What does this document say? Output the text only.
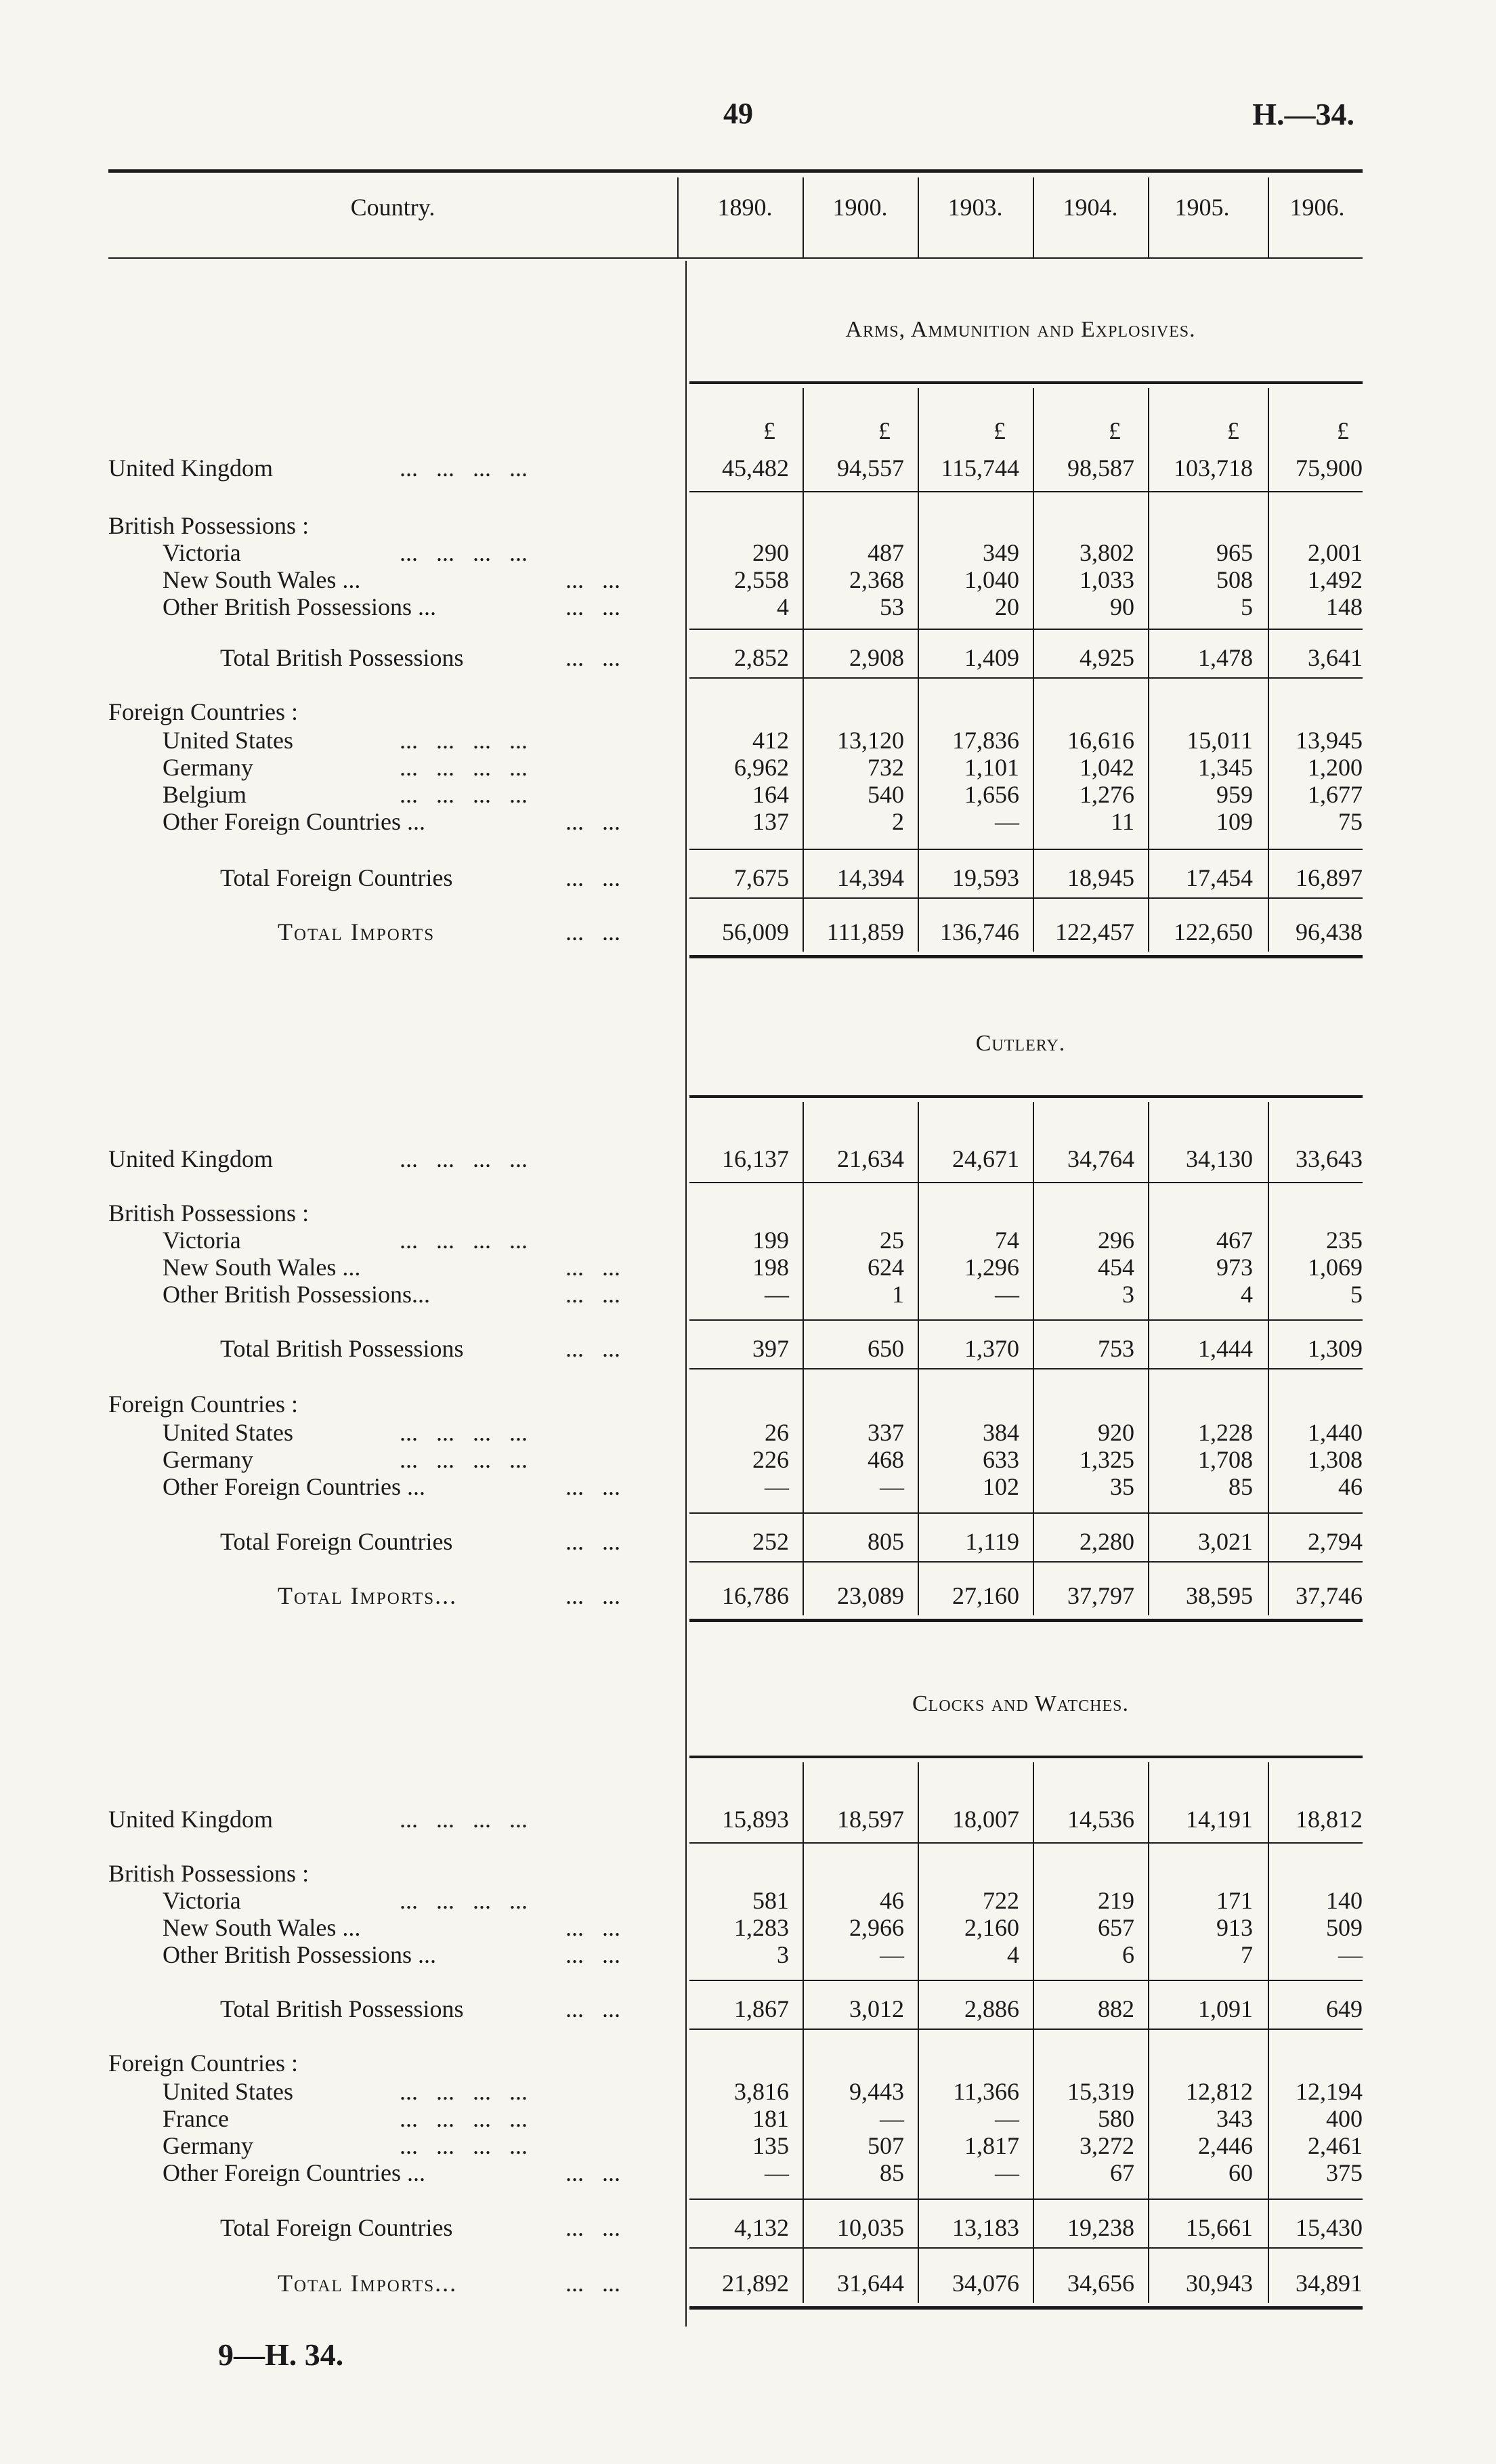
49	H.—34.
Country.	1890.	1900.	1903.	1904.	1905.	1906.
Arms, Ammunition and Explosives.
£	£	£	£	£	£
United Kingdom	...   ...   ...   ...	45,482	94,557	115,744	98,587	103,718	75,900
British Possessions :
Victoria	...   ...   ...   ...	290	487	349	3,802	965	2,001
New South Wales ...	...   ...	2,558	2,368	1,040	1,033	508	1,492
Other British Possessions ...	...   ...	4	53	20	90	5	148
Total British Possessions	...   ...	2,852	2,908	1,409	4,925	1,478	3,641
Foreign Countries :
United States	...   ...   ...   ...	412	13,120	17,836	16,616	15,011	13,945
Germany	...   ...   ...   ...	6,962	732	1,101	1,042	1,345	1,200
Belgium	...   ...   ...   ...	164	540	1,656	1,276	959	1,677
Other Foreign Countries ...	...   ...	137	2	—	11	109	75
Total Foreign Countries	...   ...	7,675	14,394	19,593	18,945	17,454	16,897
Total Imports	...   ...	56,009	111,859	136,746	122,457	122,650	96,438
Cutlery.
United Kingdom	...   ...   ...   ...	16,137	21,634	24,671	34,764	34,130	33,643
British Possessions :
Victoria	...   ...   ...   ...	199	25	74	296	467	235
New South Wales ...	...   ...	198	624	1,296	454	973	1,069
Other British Possessions...	...   ...	—	1	—	3	4	5
Total British Possessions	...   ...	397	650	1,370	753	1,444	1,309
Foreign Countries :
United States	...   ...   ...   ...	26	337	384	920	1,228	1,440
Germany	...   ...   ...   ...	226	468	633	1,325	1,708	1,308
Other Foreign Countries ...	...   ...	—	—	102	35	85	46
Total Foreign Countries	...   ...	252	805	1,119	2,280	3,021	2,794
Total Imports...	...   ...	16,786	23,089	27,160	37,797	38,595	37,746
Clocks and Watches.
United Kingdom	...   ...   ...   ...	15,893	18,597	18,007	14,536	14,191	18,812
British Possessions :
Victoria	...   ...   ...   ...	581	46	722	219	171	140
New South Wales ...	...   ...	1,283	2,966	2,160	657	913	509
Other British Possessions ...	...   ...	3	—	4	6	7	—
Total British Possessions	...   ...	1,867	3,012	2,886	882	1,091	649
Foreign Countries :
United States	...   ...   ...   ...	3,816	9,443	11,366	15,319	12,812	12,194
France	...   ...   ...   ...	181	—	—	580	343	400
Germany	...   ...   ...   ...	135	507	1,817	3,272	2,446	2,461
Other Foreign Countries ...	...   ...	—	85	—	67	60	375
Total Foreign Countries	...   ...	4,132	10,035	13,183	19,238	15,661	15,430
Total Imports...	...   ...	21,892	31,644	34,076	34,656	30,943	34,891
9—H. 34.
